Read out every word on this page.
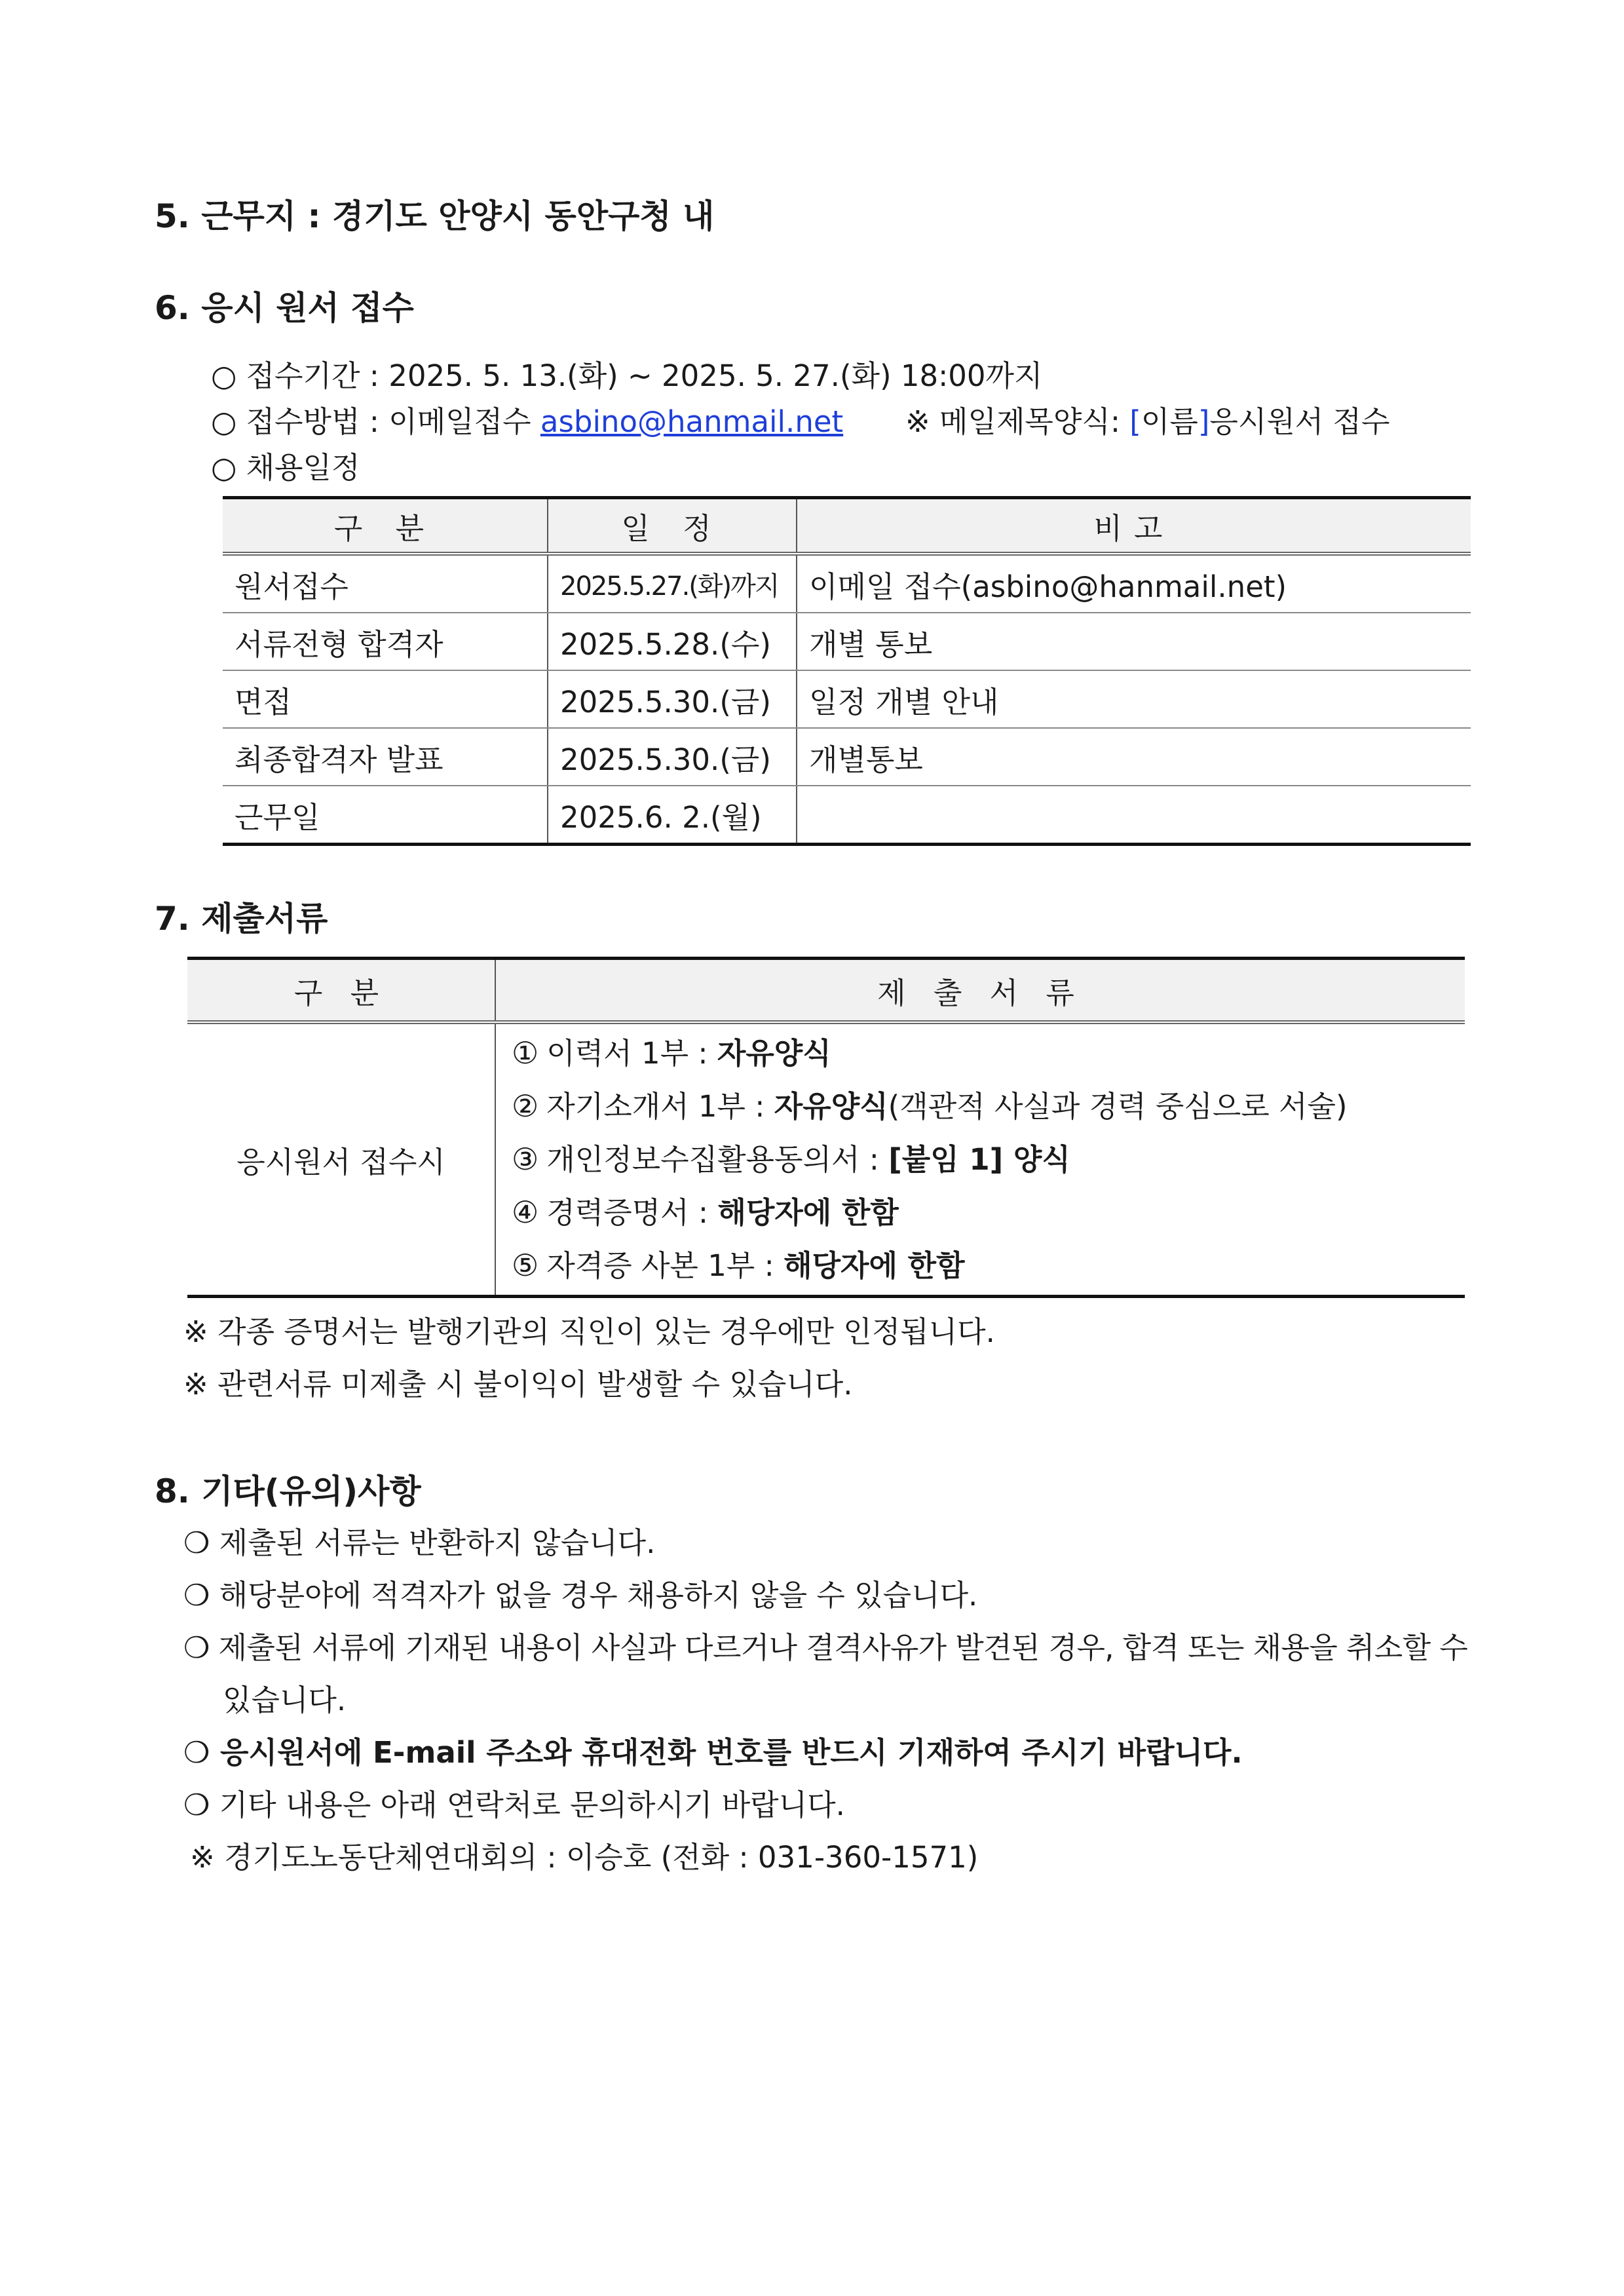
5. 근무지 : 경기도 안양시 동안구청 내
6. 응시 원서 접수
○ 접수기간 : 2025. 5. 13.(화) ~ 2025. 5. 27.(화) 18:00까지
○ 접수방법 : 이메일접수 asbino@hanmail.net ※ 메일제목양식: [이름]응시원서 접수
○ 채용일정
구 분	일 정	비고
원서접수	2025.5.27.(화)까지	이메일 접수(asbino@hanmail.net)
서류전형 합격자	2025.5.28.(수)	개별 통보
면접	2025.5.30.(금)	일정 개별 안내
최종합격자 발표	2025.5.30.(금)	개별통보
근무일	2025.6. 2.(월)	
7. 제출서류
구 분	제 출 서 류
응시원서 접수시	① 이력서 1부 : 자유양식
② 자기소개서 1부 : 자유양식(객관적 사실과 경력 중심으로 서술)
③ 개인정보수집활용동의서 : [붙임 1] 양식
④ 경력증명서 : 해당자에 한함
⑤ 자격증 사본 1부 : 해당자에 한함
※ 각종 증명서는 발행기관의 직인이 있는 경우에만 인정됩니다.
※ 관련서류 미제출 시 불이익이 발생할 수 있습니다.
8. 기타(유의)사항
❍ 제출된 서류는 반환하지 않습니다.
❍ 해당분야에 적격자가 없을 경우 채용하지 않을 수 있습니다.
❍ 제출된 서류에 기재된 내용이 사실과 다르거나 결격사유가 발견된 경우, 합격 또는 채용을 취소할 수
있습니다.
❍ 응시원서에 E-mail 주소와 휴대전화 번호를 반드시 기재하여 주시기 바랍니다.
❍ 기타 내용은 아래 연락처로 문의하시기 바랍니다.
※ 경기도노동단체연대회의 : 이승호 (전화 : 031-360-1571)
